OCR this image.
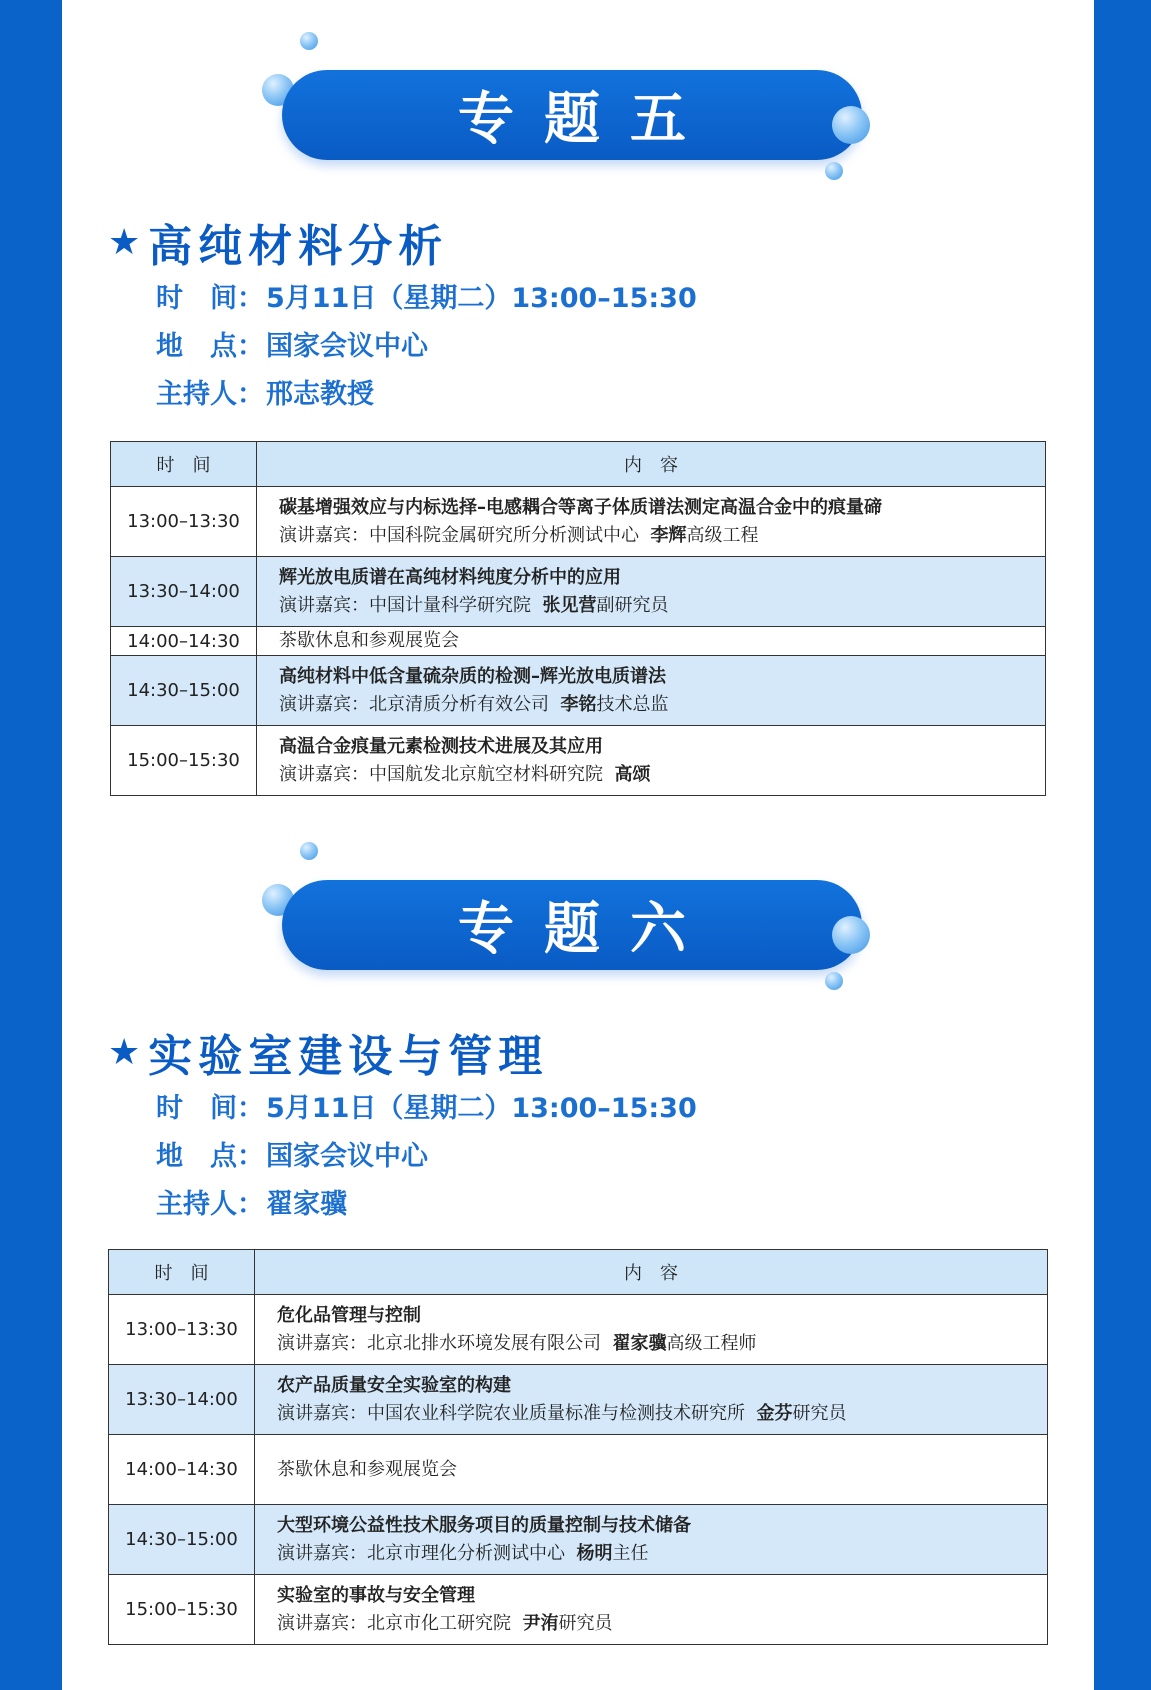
专题五
★ 高纯材料分析
时　间：5月11日（星期二）13:00–15:30
地　点：国家会议中心
主持人：邢志教授
时　间	内　容
13:00–13:30	碳基增强效应与内标选择–电感耦合等离子体质谱法测定高温合金中的痕量碲
演讲嘉宾：中国科院金属研究所分析测试中心 李辉高级工程

13:30–14:00	辉光放电质谱在高纯材料纯度分析中的应用
演讲嘉宾：中国计量科学研究院 张见营副研究员

14:00–14:30	茶歇休息和参观展览会

14:30–15:00	高纯材料中低含量硫杂质的检测–辉光放电质谱法
演讲嘉宾：北京清质分析有效公司 李铭技术总监

15:00–15:30	高温合金痕量元素检测技术进展及其应用
演讲嘉宾：中国航发北京航空材料研究院 高颂
专题六
★ 实验室建设与管理
时　间：5月11日（星期二）13:00–15:30
地　点：国家会议中心
主持人：翟家骥
时　间	内　容
13:00–13:30	危化品管理与控制
演讲嘉宾：北京北排水环境发展有限公司 翟家骥高级工程师

13:30–14:00	农产品质量安全实验室的构建
演讲嘉宾：中国农业科学院农业质量标准与检测技术研究所 金芬研究员

14:00–14:30	茶歇休息和参观展览会

14:30–15:00	大型环境公益性技术服务项目的质量控制与技术储备
演讲嘉宾：北京市理化分析测试中心 杨明主任

15:00–15:30	实验室的事故与安全管理
演讲嘉宾：北京市化工研究院 尹洧研究员
